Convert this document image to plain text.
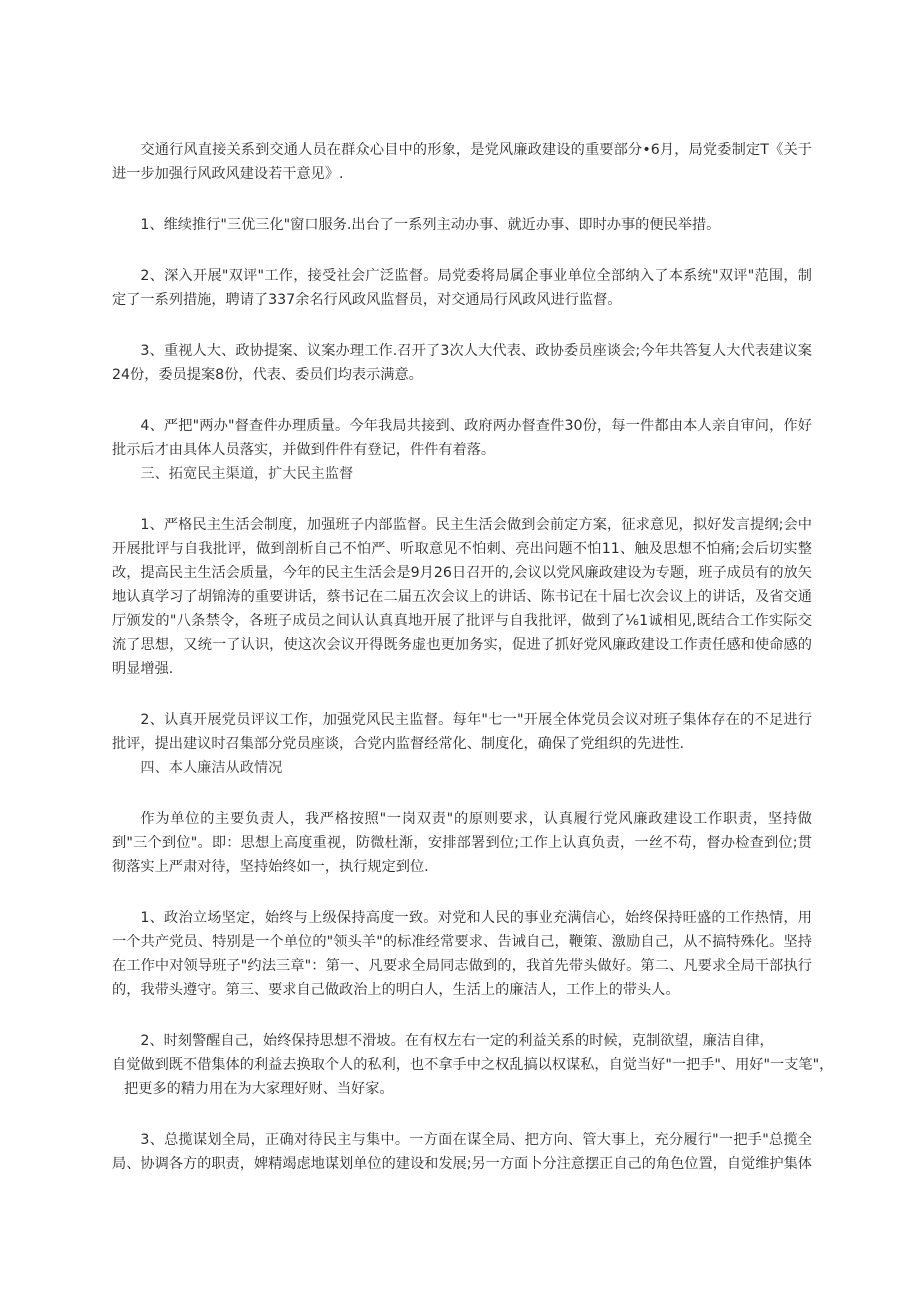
交通行风直接关系到交通人员在群众心目中的形象，是党风廉政建设的重要部分•6月，局党委制定T《关于进一步加强行风政风建设若干意见》.

1、维续推行"三优三化"窗口服务.出台了一系列主动办事、就近办事、即时办事的便民举措。

2、深入开展"双评"工作，接受社会广泛监督。局党委将局属企事业单位全部纳入了本系统"双评"范围，制定了一系列措施，聘请了337余名行风政风监督员，对交通局行风政风进行监督。

3、重视人大、政协提案、议案办理工作.召开了3次人大代表、政协委员座谈会;今年共答复人大代表建议案24份，委员提案8份，代表、委员们均表示满意。

4、严把"两办"督查件办理质量。今年我局共接到、政府两办督查件30份，每一件都由本人亲自审问，作好批示后才由具体人员落实，并做到件件有登记，件件有着落。

三、拓宽民主渠道，扩大民主监督

1、严格民主生活会制度，加强班子内部监督。民主生活会做到会前定方案，征求意见，拟好发言提纲;会中开展批评与自我批评，做到剖析自己不怕严、听取意见不怕刺、亮出问题不怕11、触及思想不怕痛;会后切实整改，提高民主生活会质量，今年的民主生活会是9月26日召开的,会议以党风廉政建设为专题，班子成员有的放矢地认真学习了胡锦涛的重要讲话，蔡书记在二届五次会议上的讲话、陈书记在十届七次会议上的讲话，及省交通厅颁发的"八条禁令，各班子成员之间认认真真地开展了批评与自我批评，做到了⅙1诚相见,既结合工作实际交流了思想，又统一了认识，使这次会议开得既务虚也更加务实，促进了抓好党风廉政建设工作责任感和使命感的明显增强.

2、认真开展党员评议工作，加强党风民主监督。每年"七一"开展全体党员会议对班子集体存在的不足进行批评，提出建议时召集部分党员座谈，合党内监督经常化、制度化，确保了党组织的先进性.

四、本人廉洁从政情况

作为单位的主要负责人，我严格按照"一岗双责"的原则要求，认真履行党风廉政建设工作职责，坚持做到"三个到位"。即：思想上高度重视，防微杜渐，安排部署到位;工作上认真负责，一丝不苟，督办检查到位;贯彻落实上严肃对待，坚持始终如一，执行规定到位.

1、政治立场坚定，始终与上级保持高度一致。对党和人民的事业充满信心，始终保持旺盛的工作热情，用一个共产党员、特别是一个单位的"领头羊"的标准经常要求、告诫自己，鞭策、激励自己，从不搞特殊化。坚持在工作中对领导班子"约法三章"：第一、凡要求全局同志做到的，我首先带头做好。第二、凡要求全局干部执行的，我带头遵守。第三、要求自己做政治上的明白人，生活上的廉洁人，工作上的带头人。

2、时刻警醒自己，始终保持思想不滑坡。在有权左右一定的利益关系的时候，克制欲望，廉洁自律，

自觉做到既不借集体的利益去换取个人的私利，也不拿手中之权乱搞以权谋私，自觉当好"一把手"、用好"一支笔"，

把更多的精力用在为大家理好财、当好家。

3、总揽谋划全局，正确对待民主与集中。一方面在谋全局、把方向、管大事上，充分履行"一把手"总揽全局、协调各方的职责，婢精竭虑地谋划单位的建设和发展;另一方面卜分注意摆正自己的角色位置，自觉维护集体
